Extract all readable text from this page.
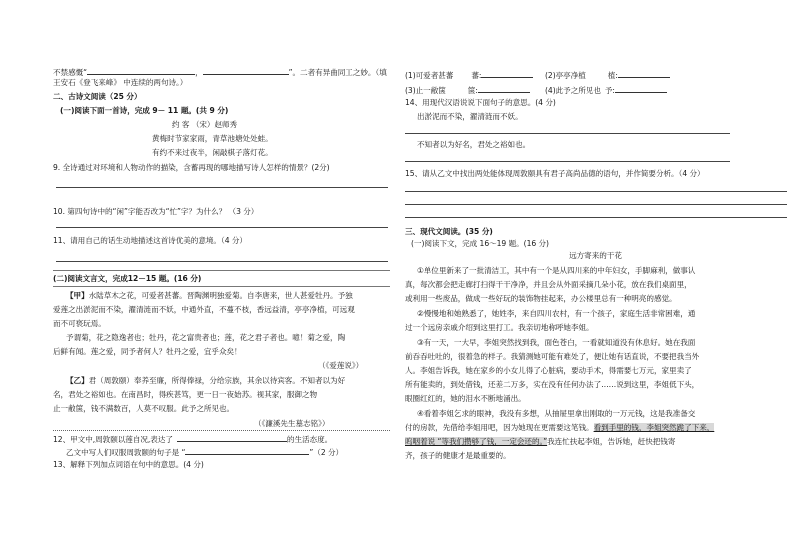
不禁感慨“	，	”。二者有异曲同工之妙。（填
王安石《登飞来峰》 中连续的两句诗。）
二、古诗文阅读（25 分）
(一)阅读下面一首诗，完成 9－ 11 题。(共 9 分)
约 客 （宋）赵师秀
黄梅时节家家雨，青草池塘处处蛙。
有约不来过夜半，闲敲棋子落灯花。
9. 全诗通过对环境和人物动作的描染，含蓄再现的哪地描写诗人怎样的情景？(2分)
10. 第四句诗中的“闲”字能否改为“忙”字？为什么？ （3 分）
11、请用自己的话生动地描述这首诗优美的意境。（4 分）
(二)阅读文言文，完成12－15 题。(16 分)
【甲】水陆草木之花，可爱者甚蕃。晋陶渊明独爱菊。自李唐来，世人甚爱牡丹。予独
爱莲之出淤泥而不染，濯清涟而不妖，中通外直，不蔓不枝，香远益清，亭亭净植，可远观
而不可亵玩焉。
予谓菊，花之隐逸者也；牡丹，花之富贵者也；莲，花之君子者也。噫！菊之爱，陶
后鲜有闻。莲之爱，同予者何人？牡丹之爱，宜乎众矣！
（《爱莲说》）
【乙】君（周敦颐）奉养至廉，所得俸禄，分给宗族，其余以待宾客。不知者以为好
名，君处之裕如也。在南昌时，得疾甚笃，更一日一夜始苏。视其家，服御之物
止一敝箧，钱不满数百，人莫不叹服。此予之所见也。
（《濂溪先生墓志铭》）
12、甲文中,周敦颐以莲自况,表达了	的生活态度。
乙文中写人们叹服周敦颐的句子是 “	”（2 分）
13、解释下列加点词语在句中的意思。(4 分)
(1)可爱者甚蕃 蕃:	(2)亭亭净植	植:
(3)止一敝箧	箧:	(4)此予之所见也 予:
14、用现代汉语说说下面句子的意思。(4 分)
出淤泥而不染，濯清涟而不妖。
不知者以为好名，君处之裕如也。
15、请从乙文中找出两处能体现周敦颐具有君子高尚品德的语句，并作简要分析。（4 分）
三、现代文阅读。(35 分)
(一)阅读下文，完成 16～19 题。(16 分)
远方寄来的干花
①单位里新来了一批清洁工，其中有一个是从四川来的中年妇女，手脚麻利，做事认
真，每次都会把走廊打扫得干干净净，并且会从外面采摘几朵小花，放在我们桌面里，
或利用一些废品，做成一些好玩的装饰物挂起来，办公楼里总有一种明亮的感觉。
②慢慢地和她熟悉了，她姓李，来自四川农村，有一个孩子，家庭生活非常困难，通
过一个远房亲戚介绍到这里打工。我亲切地称呼她李姐。
③有一天，一大早，李姐突然找到我，面色苍白，一看就知道没有休息好。她在我面
前吞吞吐吐的，很着急的样子。我猜测她可能有难处了，便让她有话直说，不要把我当外
人。李姐告诉我，她在家乡的小女儿得了心脏病，要动手术，得需要七万元，家里卖了
所有能卖的，到处借钱，还差二万多，实在没有任何办法了……说到这里，李姐低下头，
眼圈红红的，她的泪水不断地涌出。
④看着李姐乞求的眼神，我没有多想，从抽屉里拿出刚取的一万元钱，这是我准备交
付的房款，先借给李姐用吧，因为她现在更需要这笔钱。看到手里的钱，李姐突然跪了下来，
呜咽着说 “等我们攒够了钱，一定会还的。”我连忙扶起李姐，告诉她，赶快把钱寄
齐，孩子的健康才是最重要的。
